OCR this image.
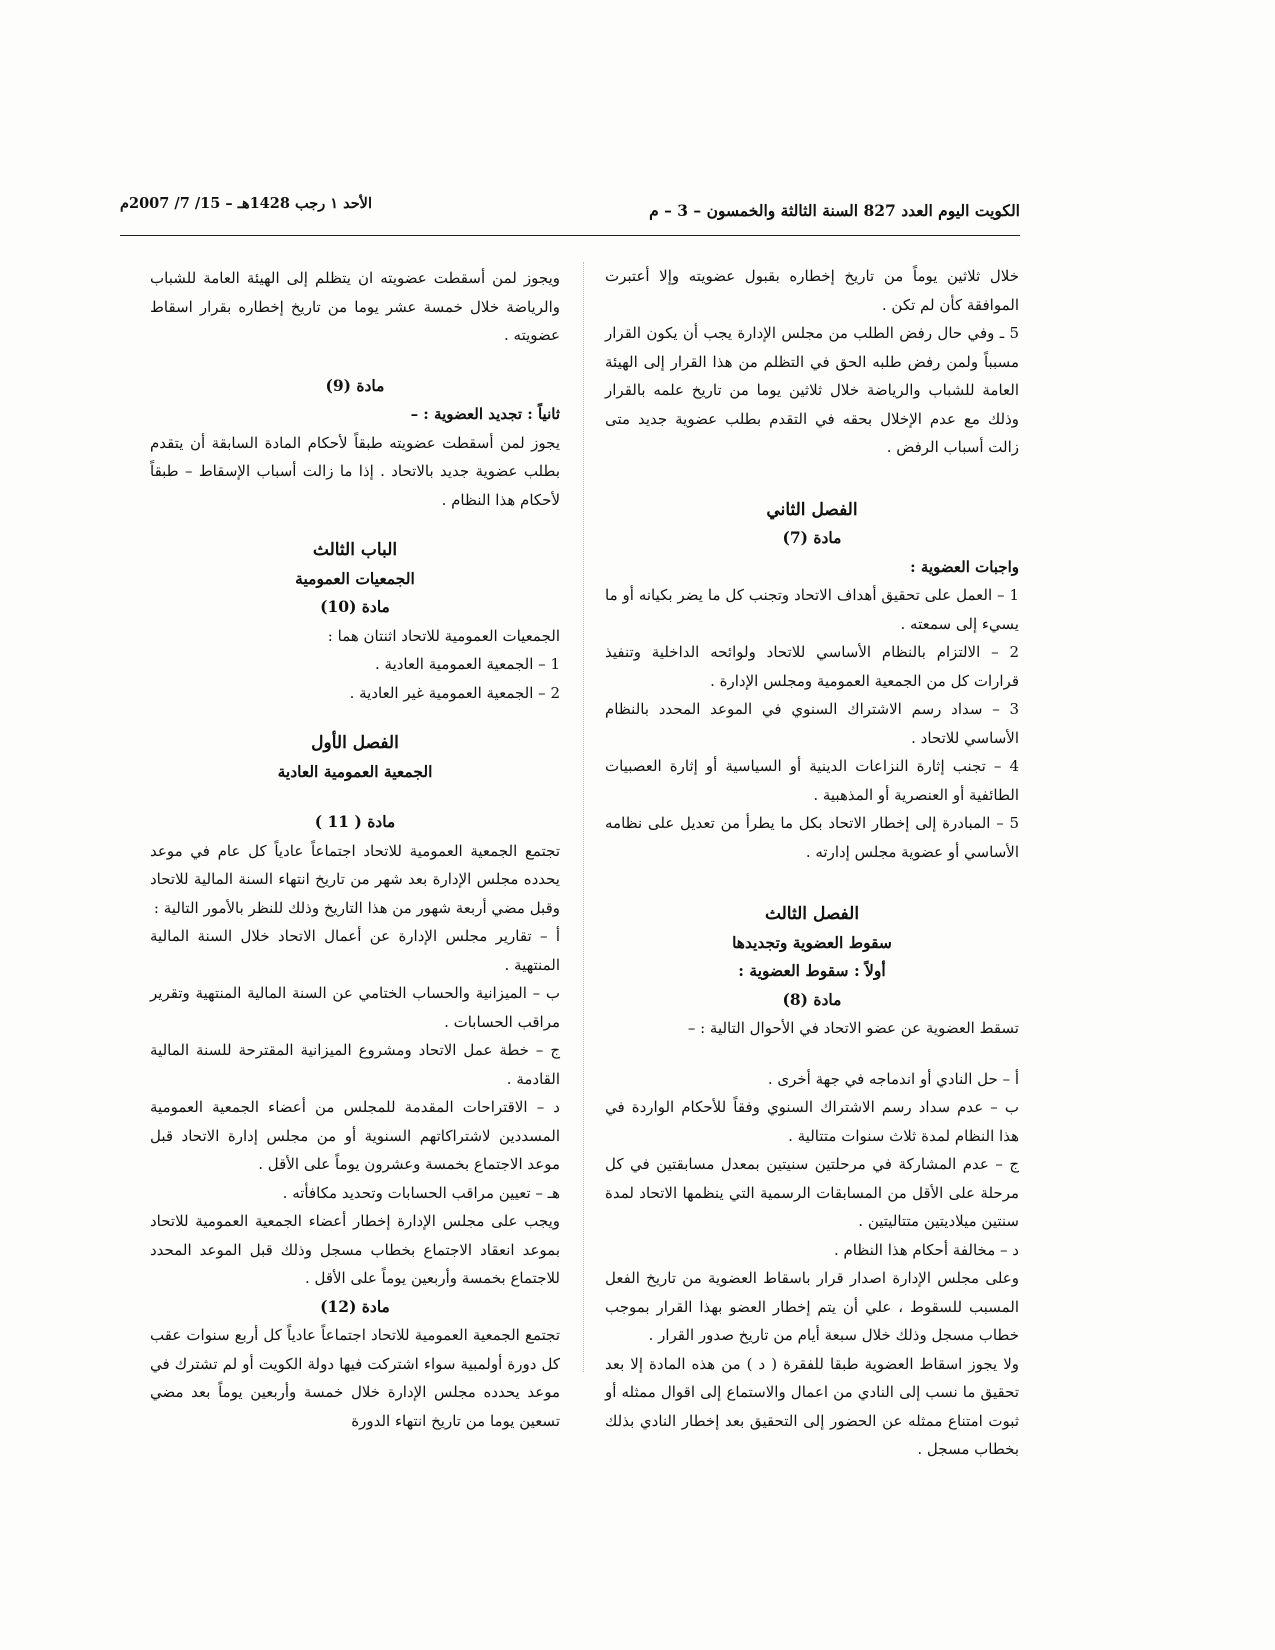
الأحد ١ رجب 1428هـ – 15/ 7/ 2007م	الكويت اليوم العدد 827 السنة الثالثة والخمسون – 3 – م

خلال ثلاثين يوماً من تاريخ إخطاره بقبول عضويته وإلا أعتبرت الموافقة كأن لم تكن .

5 ـ وفي حال رفض الطلب من مجلس الإدارة يجب أن يكون القرار مسبباً ولمن رفض طلبه الحق في التظلم من هذا القرار إلى الهيئة العامة للشباب والرياضة خلال ثلاثين يوما من تاريخ علمه بالقرار وذلك مع عدم الإخلال بحقه في التقدم بطلب عضوية جديد متى زالت أسباب الرفض .

الفصل الثاني

مادة (7)

واجبات العضوية :

1 – العمل على تحقيق أهداف الاتحاد وتجنب كل ما يضر بكيانه أو ما يسيء إلى سمعته .

2 – الالتزام بالنظام الأساسي للاتحاد ولوائحه الداخلية وتنفيذ قرارات كل من الجمعية العمومية ومجلس الإدارة .

3 – سداد رسم الاشتراك السنوي في الموعد المحدد بالنظام الأساسي للاتحاد .

4 – تجنب إثارة النزاعات الدينية أو السياسية أو إثارة العصبيات الطائفية أو العنصرية أو المذهبية .

5 – المبادرة إلى إخطار الاتحاد بكل ما يطرأ من تعديل على نظامه الأساسي أو عضوية مجلس إدارته .

الفصل الثالث

سقوط العضوية وتجديدها

أولاً : سقوط العضوية :

مادة (8)

تسقط العضوية عن عضو الاتحاد في الأحوال التالية : –

أ – حل النادي أو اندماجه في جهة أخرى .

ب – عدم سداد رسم الاشتراك السنوي وفقاً للأحكام الواردة في هذا النظام لمدة ثلاث سنوات متتالية .

ج – عدم المشاركة في مرحلتين سنيتين بمعدل مسابقتين في كل مرحلة على الأقل من المسابقات الرسمية التي ينظمها الاتحاد لمدة سنتين ميلاديتين متتاليتين .

د – مخالفة أحكام هذا النظام .

وعلى مجلس الإدارة اصدار قرار باسقاط العضوية من تاريخ الفعل المسبب للسقوط ، علي أن يتم إخطار العضو بهذا القرار بموجب خطاب مسجل وذلك خلال سبعة أيام من تاريخ صدور القرار .

ولا يجوز اسقاط العضوية طبقا للفقرة ( د ) من هذه المادة إلا بعد تحقيق ما نسب إلى النادي من اعمال والاستماع إلى اقوال ممثله أو ثبوت امتناع ممثله عن الحضور إلى التحقيق بعد إخطار النادي بذلك بخطاب مسجل .

ويجوز لمن أسقطت عضويته ان يتظلم إلى الهيئة العامة للشباب والرياضة خلال خمسة عشر يوما من تاريخ إخطاره بقرار اسقاط عضويته .

مادة (9)

ثانياً : تجديد العضوية : –

يجوز لمن أسقطت عضويته طبقاً لأحكام المادة السابقة أن يتقدم بطلب عضوية جديد بالاتحاد . إذا ما زالت أسباب الإسقاط – طبقاً لأحكام هذا النظام .

الباب الثالث

الجمعيات العمومية

مادة (10)

الجمعيات العمومية للاتحاد اثنتان هما :

1 – الجمعية العمومية العادية .

2 – الجمعية العمومية غير العادية .

الفصل الأول

الجمعية العمومية العادية

مادة ( 11 )

تجتمع الجمعية العمومية للاتحاد اجتماعاً عادياً كل عام في موعد يحدده مجلس الإدارة بعد شهر من تاريخ انتهاء السنة المالية للاتحاد وقبل مضي أربعة شهور من هذا التاريخ وذلك للنظر بالأمور التالية :

أ – تقارير مجلس الإدارة عن أعمال الاتحاد خلال السنة المالية المنتهية .

ب – الميزانية والحساب الختامي عن السنة المالية المنتهية وتقرير مراقب الحسابات .

ج – خطة عمل الاتحاد ومشروع الميزانية المقترحة للسنة المالية القادمة .

د – الاقتراحات المقدمة للمجلس من أعضاء الجمعية العمومية المسددين لاشتراكاتهم السنوية أو من مجلس إدارة الاتحاد قبل موعد الاجتماع بخمسة وعشرون يوماً على الأقل .

هـ – تعيين مراقب الحسابات وتحديد مكافأته .

ويجب على مجلس الإدارة إخطار أعضاء الجمعية العمومية للاتحاد بموعد انعقاد الاجتماع بخطاب مسجل وذلك قبل الموعد المحدد للاجتماع بخمسة وأربعين يوماً على الأقل .

مادة (12)

تجتمع الجمعية العمومية للاتحاد اجتماعاً عادياً كل أربع سنوات عقب كل دورة أولمبية سواء اشتركت فيها دولة الكويت أو لم تشترك في موعد يحدده مجلس الإدارة خلال خمسة وأربعين يوماً بعد مضي تسعين يوما من تاريخ انتهاء الدورة
